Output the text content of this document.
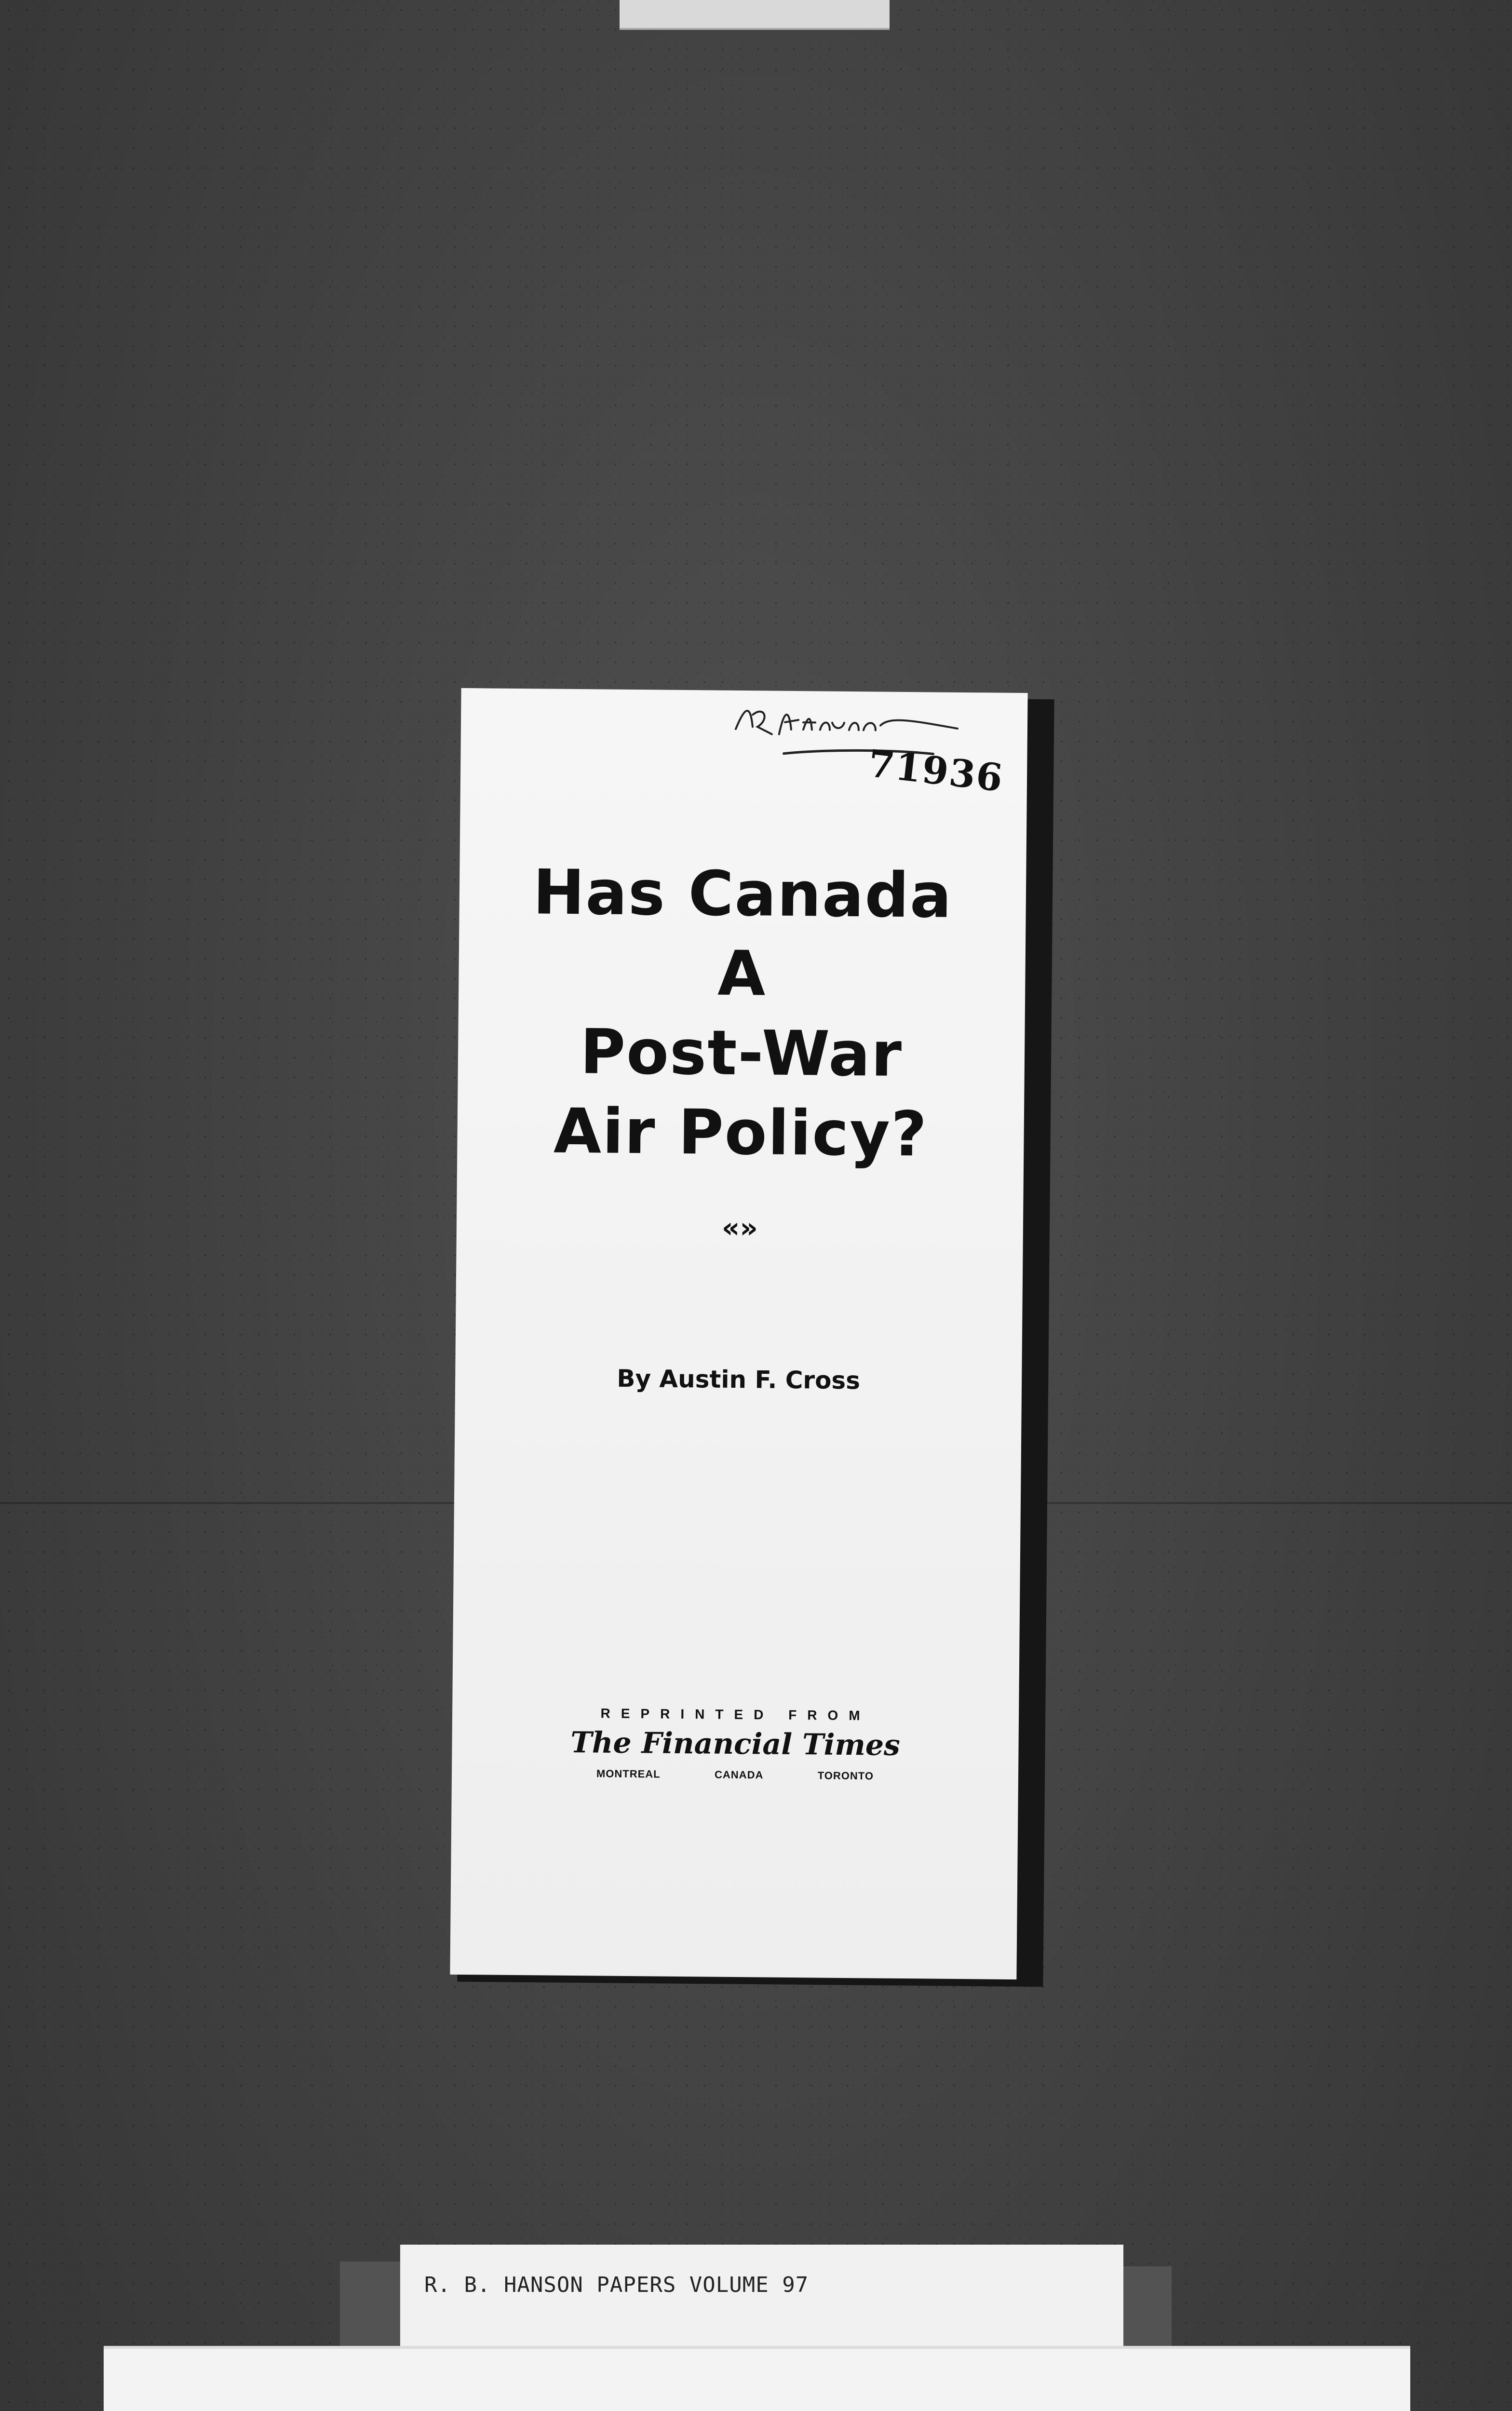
71936
Has Canada
A
Post-War
Air Policy?
«»
By Austin F. Cross
REPRINTED FROM
The Financial Times
MONTREAL	CANADA	TORONTO
R. B. HANSON PAPERS VOLUME 97
